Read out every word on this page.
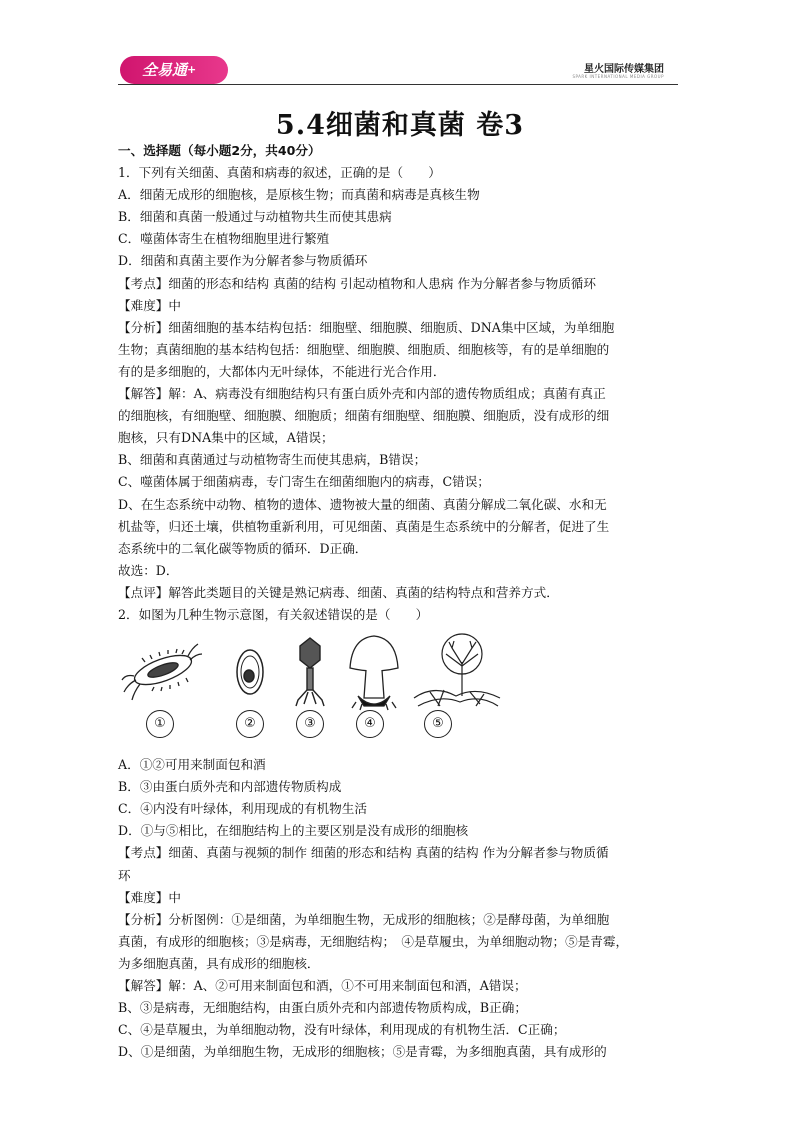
全易通+	星火国际传媒集团
SPARK INTERNATIONAL MEDIA GROUP
5.4细菌和真菌 卷3

一、选择题（每小题2分，共40分）

1．下列有关细菌、真菌和病毒的叙述，正确的是（　　）

A．细菌无成形的细胞核，是原核生物；而真菌和病毒是真核生物

B．细菌和真菌一般通过与动植物共生而使其患病

C．噬菌体寄生在植物细胞里进行繁殖

D．细菌和真菌主要作为分解者参与物质循环

【考点】细菌的形态和结构 真菌的结构 引起动植物和人患病 作为分解者参与物质循环

【难度】中

【分析】细菌细胞的基本结构包括：细胞壁、细胞膜、细胞质、DNA集中区域，为单细胞

生物；真菌细胞的基本结构包括：细胞壁、细胞膜、细胞质、细胞核等，有的是单细胞的

有的是多细胞的，大都体内无叶绿体，不能进行光合作用．

【解答】解：A、病毒没有细胞结构只有蛋白质外壳和内部的遗传物质组成；真菌有真正

的细胞核，有细胞壁、细胞膜、细胞质；细菌有细胞壁、细胞膜、细胞质，没有成形的细

胞核，只有DNA集中的区域，A错误；

B、细菌和真菌通过与动植物寄生而使其患病，B错误；

C、噬菌体属于细菌病毒，专门寄生在细菌细胞内的病毒，C错误；

D、在生态系统中动物、植物的遗体、遗物被大量的细菌、真菌分解成二氧化碳、水和无

机盐等，归还土壤，供植物重新利用，可见细菌、真菌是生态系统中的分解者，促进了生

态系统中的二氧化碳等物质的循环．D正确．

故选：D．

【点评】解答此类题目的关键是熟记病毒、细菌、真菌的结构特点和营养方式．

2．如图为几种生物示意图，有关叙述错误的是（　　）

①	②	③	④	⑤

A．①②可用来制面包和酒

B．③由蛋白质外壳和内部遗传物质构成

C．④内没有叶绿体，利用现成的有机物生活

D．①与⑤相比，在细胞结构上的主要区别是没有成形的细胞核

【考点】细菌、真菌与视频的制作 细菌的形态和结构 真菌的结构 作为分解者参与物质循

环

【难度】中

【分析】分析图例：①是细菌，为单细胞生物，无成形的细胞核；②是酵母菌，为单细胞

真菌，有成形的细胞核；③是病毒，无细胞结构；　④是草履虫，为单细胞动物；⑤是青霉，

为多细胞真菌，具有成形的细胞核．

【解答】解：A、②可用来制面包和酒，①不可用来制面包和酒，A错误；

B、③是病毒，无细胞结构，由蛋白质外壳和内部遗传物质构成，B正确；

C、④是草履虫，为单细胞动物，没有叶绿体，利用现成的有机物生活．C正确；

D、①是细菌，为单细胞生物，无成形的细胞核；⑤是青霉，为多细胞真菌，具有成形的
